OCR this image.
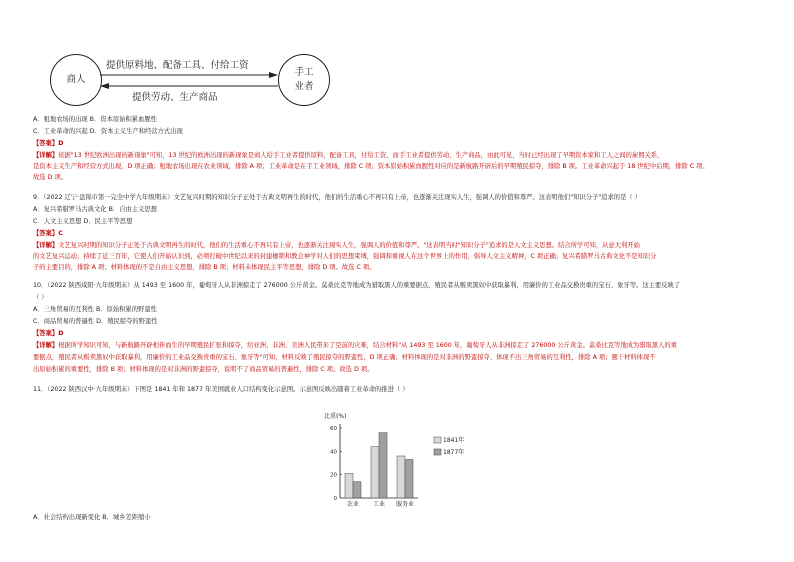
商人
手工
业者
提供原料地、配备工具、付给工资
提供劳动、生产商品
A．租地农场的出现 B．资本原始积累血腥性
C．工业革命的兴起 D．资本主义生产和经营方式出现
【答案】D
【详解】依据"13 世纪欧洲出现的新现象"可知，13 世纪的欧洲出现的新现象是商人给手工业者提供原料，配备工具，付给工资，而手工业者提供劳动、生产商品，由此可见，当时已经出现了早期资本家和工人之间的雇佣关系，
是资本主义生产和经营方式出现，D 项正确；租地农场出现在农业领域，排除 A 项；工业革命是在手工业领域，排除 C 项；资本原始积累血腥性对应的是新航路开辟后的早期殖民掠夺，排除 B 项。工业革命兴起于 18 世纪中后期，排除 C 项。
故选 D 项。
9．（2022 辽宁·盘锦市第一完全中学九年级期末）文艺复兴时期的知识分子正处于古典文明再生的时代，他们的生活重心不再只有上帝，也逐渐关注现实人生，强调人的价值和尊严。这表明他们"知识分子"追求的是（ ）
A．复兴希腊罗马古典文化 B．自由主义思想
C．人文主义思想 D．民主平等思想
【答案】C
【详解】文艺复兴时期的知识分子正处于古典文明再生的时代，他们的生活重心不再只有上帝，也逐渐关注现实人生，强调人的价值和尊严。"这表明当时"知识分子"追求的是人文主义思想。结合所学可知，从意大利开始
的文艺复兴运动，持续了近三百年，它使人们开始认识到，必须打破中世纪以来的封建枷锁和教会神学对人们的思想束缚，强调和重视人在这个世界上的作用，倡导人文主义精神，C 项正确；复兴希腊罗马古典文化不是知识分
子的主要目的，排除 A 项；材料体现的不是自由主义思想，排除 B 项；材料未体现民主平等思想，排除 D 项。故选 C 项。
10．（2022 陕西咸阳·九年级期末）从 1493 至 1600 年，葡萄牙人从非洲掠走了 276000 公斤黄金。莫桑比克等地成为猎取黑人的重要据点，殖民者从贩卖黑奴中获取暴利，用廉价的工业品交换贵重的宝石、象牙等。这主要反映了
（ ）
A．三角贸易的互利性 B．原始积累的野蛮性
C．商品贸易的普遍性 D．殖民掠夺的野蛮性
【答案】D
【详解】根据所学知识可知，与新航路开辟相伴而生的早期殖民扩张和掠夺，给亚洲、非洲、美洲人民带来了空前的灾难，结合材料"从 1493 至 1600 年，葡萄牙人从非洲掠走了 276000 公斤黄金。莫桑比克等地成为猎取黑人的重
要据点，殖民者从贩卖黑奴中获取暴利，用廉价的工业品交换贵重的宝石、象牙等"可知，材料反映了殖民掠夺的野蛮性，D 项正确；材料体现的是对非洲的野蛮掠夺，体现不出三角贸易的互利性，排除 A 项；题干材料体现不
出原始积累的重要性，排除 B 项；材料体现的是对非洲的野蛮掠夺，说明不了商品贸易的普遍性，排除 C 项。故选 D 项。
11．（2022 陕西汉中·九年级期末）下图是 1841 年和 1877 年美国就业人口结构变化示意图。示意图反映出随着工业革命的推进（ ）
比重(%)
0
20
40
60
农业 工业 服务业
1841年
1877年
A．社会结构出现新变化 B．城乡差距缩小
